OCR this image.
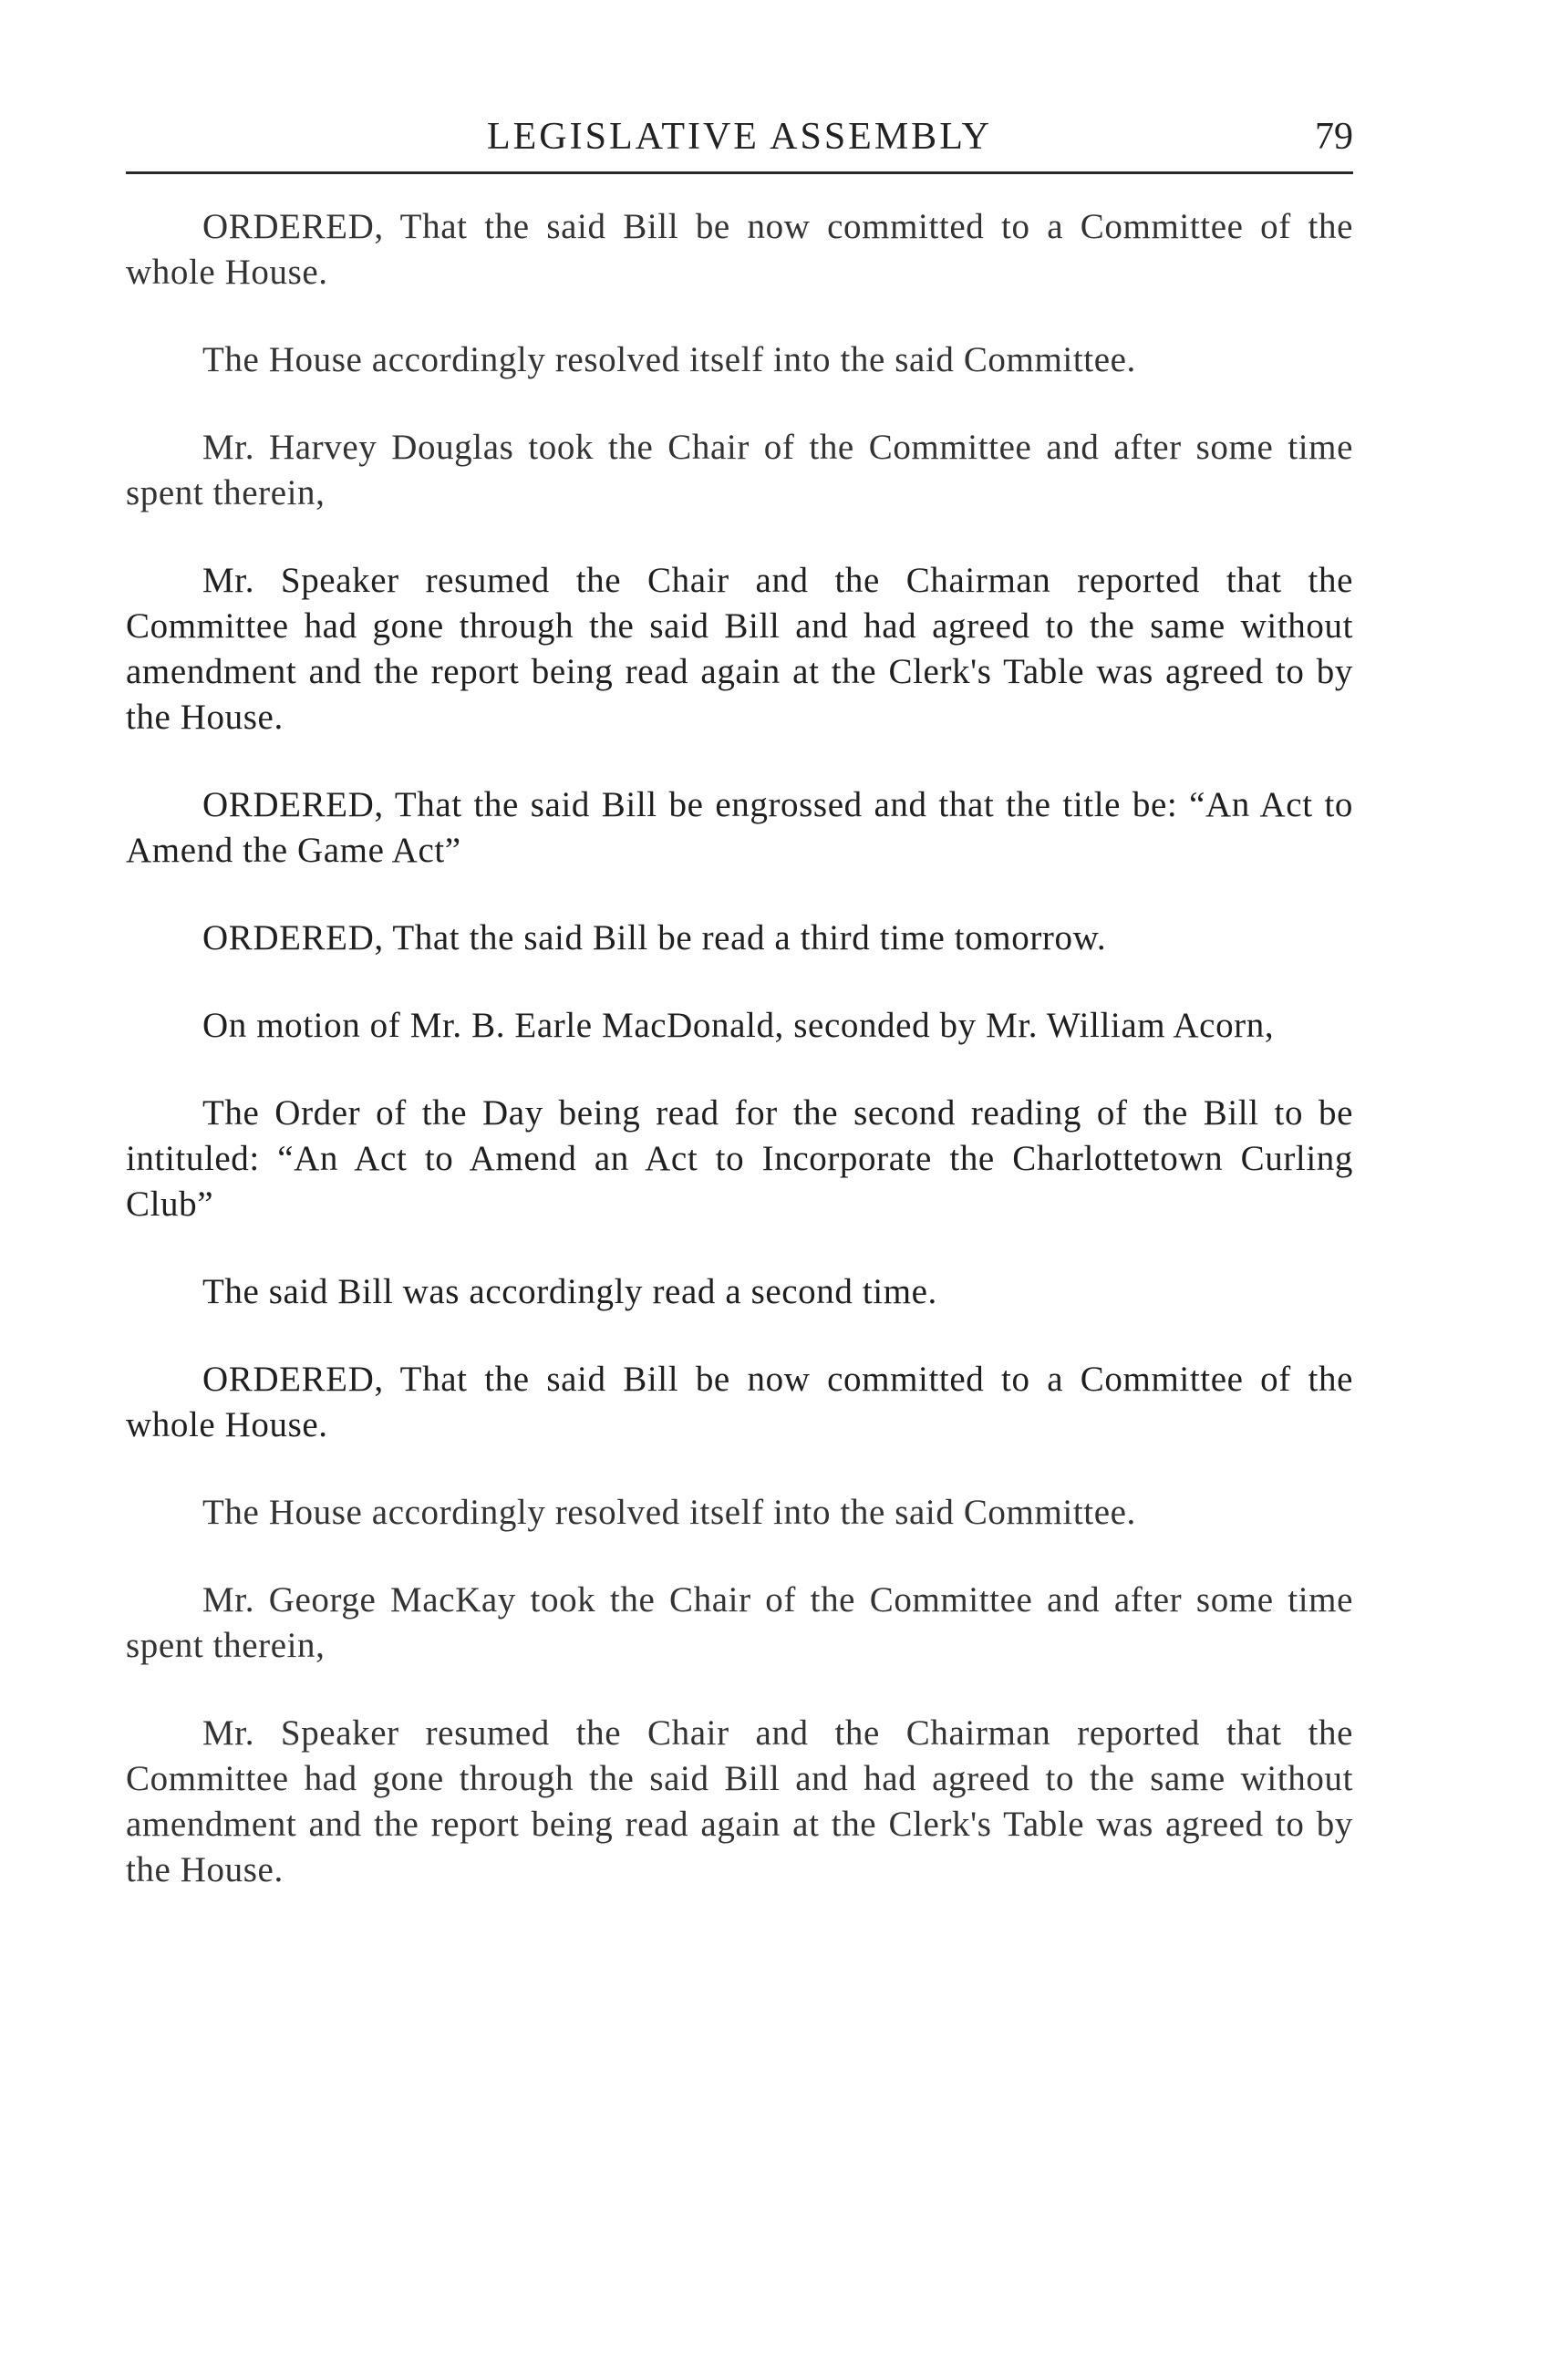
LEGISLATIVE ASSEMBLY	79

ORDERED, That the said Bill be now committed to a Committee of the whole House.

The House accordingly resolved itself into the said Committee.

Mr. Harvey Douglas took the Chair of the Committee and after some time spent therein,

Mr. Speaker resumed the Chair and the Chairman reported that the Committee had gone through the said Bill and had agreed to the same without amendment and the report being read again at the Clerk's Table was agreed to by the House.

ORDERED, That the said Bill be engrossed and that the title be: “An Act to Amend the Game Act”

ORDERED, That the said Bill be read a third time tomorrow.

On motion of Mr. B. Earle MacDonald, seconded by Mr. William Acorn,

The Order of the Day being read for the second reading of the Bill to be intituled: “An Act to Amend an Act to Incorporate the Charlottetown Curling Club”

The said Bill was accordingly read a second time.

ORDERED, That the said Bill be now committed to a Committee of the whole House.

The House accordingly resolved itself into the said Committee.

Mr. George MacKay took the Chair of the Committee and after some time spent therein,

Mr. Speaker resumed the Chair and the Chairman reported that the Committee had gone through the said Bill and had agreed to the same without amendment and the report being read again at the Clerk's Table was agreed to by the House.
